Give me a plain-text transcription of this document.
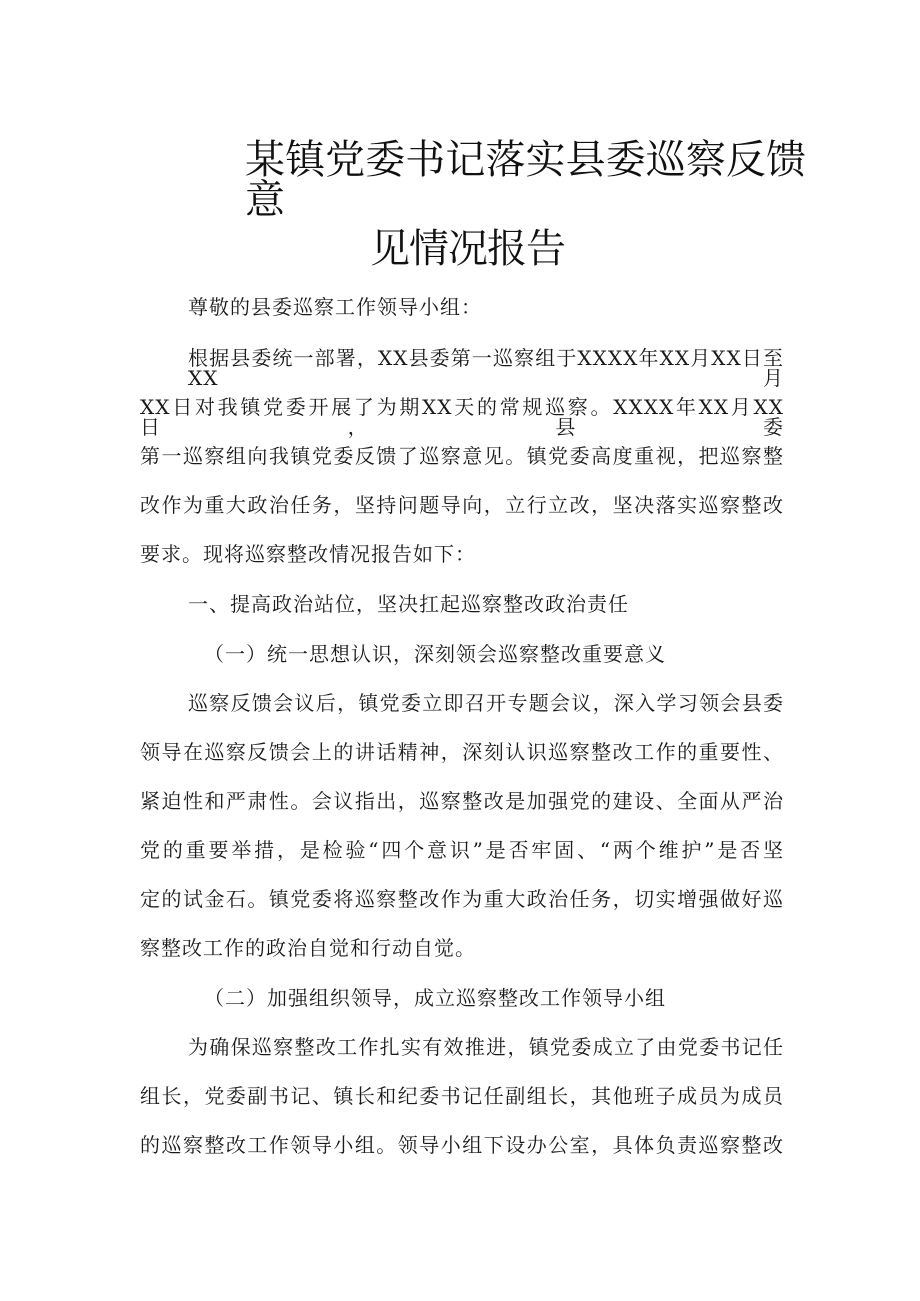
某镇党委书记落实县委巡察反馈意
见情况报告
尊敬的县委巡察工作领导小组：
根据县委统一部署，XX县委第一巡察组于XXXX年XX月XX日至XX月
XX日对我镇党委开展了为期XX天的常规巡察。XXXX年XX月XX日，县委
第一巡察组向我镇党委反馈了巡察意见。镇党委高度重视，把巡察整
改作为重大政治任务，坚持问题导向，立行立改，坚决落实巡察整改
要求。现将巡察整改情况报告如下：
一、提高政治站位，坚决扛起巡察整改政治责任
（一）统一思想认识，深刻领会巡察整改重要意义
巡察反馈会议后，镇党委立即召开专题会议，深入学习领会县委
领导在巡察反馈会上的讲话精神，深刻认识巡察整改工作的重要性、
紧迫性和严肃性。会议指出，巡察整改是加强党的建设、全面从严治
党的重要举措，是检验“四个意识”是否牢固、“两个维护”是否坚
定的试金石。镇党委将巡察整改作为重大政治任务，切实增强做好巡
察整改工作的政治自觉和行动自觉。
（二）加强组织领导，成立巡察整改工作领导小组
为确保巡察整改工作扎实有效推进，镇党委成立了由党委书记任
组长，党委副书记、镇长和纪委书记任副组长，其他班子成员为成员
的巡察整改工作领导小组。领导小组下设办公室，具体负责巡察整改
